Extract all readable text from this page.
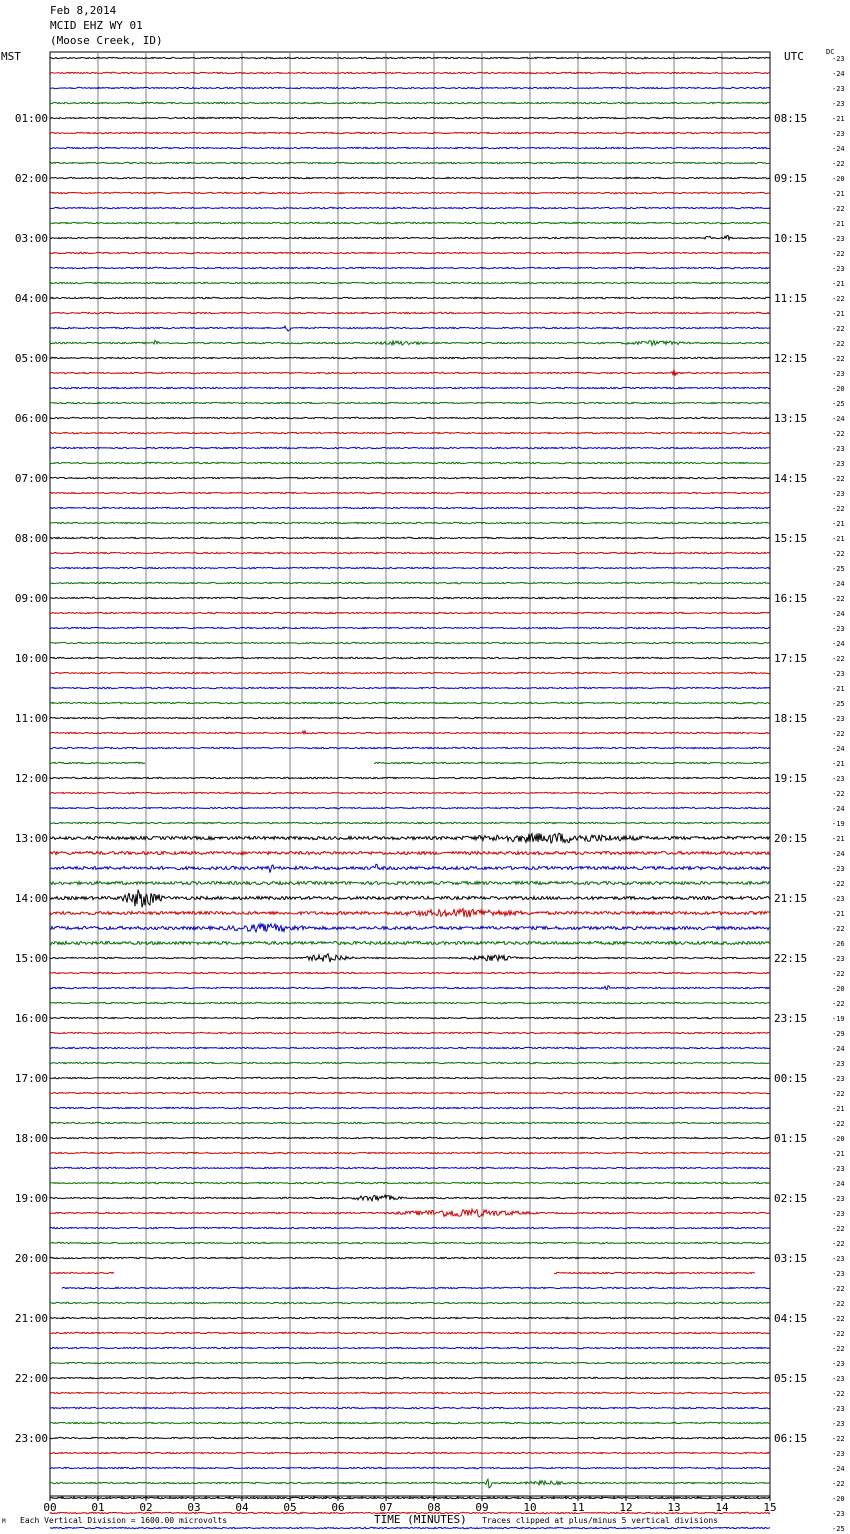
Feb 8,2014
MCID EHZ WY 01
(Moose Creek, ID)
MST	UTC	DC
00	01	02	03	04	05	06	07	08	09	10	11	12	13	14	15
-23
-24
-23
-23
-21
-23
-24
-22
-20
-21
-22
-21
-23
-22
-23
-21
-22
-21
-22
-22
-22
-23
-20
-25
-24
-22
-23
-23
-22
-23
-22
-21
-21
-22
-25
-24
-22
-24
-23
-24
-22
-23
-21
-25
-23
-22
-24
-21
-23
-22
-24
-19
-21
-24
-23
-22
-23
-21
-22
-26
-23
-22
-20
-22
-19
-29
-24
-23
-23
-22
-21
-22
-20
-21
-23
-24
-23
-23
-22
-22
-23
-23
-22
-22
-22
-22
-22
-23
-23
-22
-23
-23
-22
-23
-24
-22
-20
-23
-25
01:00	08:15
02:00	09:15
03:00	10:15
04:00	11:15
05:00	12:15
06:00	13:15
07:00	14:15
08:00	15:15
09:00	16:15
10:00	17:15
11:00	18:15
12:00	19:15
13:00	20:15
14:00	21:15
15:00	22:15
16:00	23:15
17:00	00:15
18:00	01:15
19:00	02:15
20:00	03:15
21:00	04:15
22:00	05:15
23:00	06:15
M Each Vertical Division = 1600.00 microvolts	TIME (MINUTES) Traces clipped at plus/minus 5 vertical divisions
